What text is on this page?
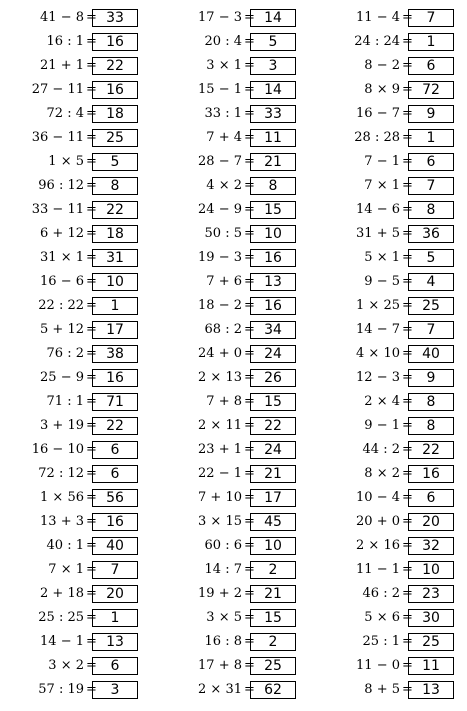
41 − 8 = 33
16 : 1 = 16
21 + 1 = 22
27 − 11 = 16
72 : 4 = 18
36 − 11 = 25
1 × 5 = 5
96 : 12 = 8
33 − 11 = 22
6 + 12 = 18
31 × 1 = 31
16 − 6 = 10
22 : 22 = 1
5 + 12 = 17
76 : 2 = 38
25 − 9 = 16
71 : 1 = 71
3 + 19 = 22
16 − 10 = 6
72 : 12 = 6
1 × 56 = 56
13 + 3 = 16
40 : 1 = 40
7 × 1 = 7
2 + 18 = 20
25 : 25 = 1
14 − 1 = 13
3 × 2 = 6
57 : 19 = 3
17 − 3 = 14
20 : 4 = 5
3 × 1 = 3
15 − 1 = 14
33 : 1 = 33
7 + 4 = 11
28 − 7 = 21
4 × 2 = 8
24 − 9 = 15
50 : 5 = 10
19 − 3 = 16
7 + 6 = 13
18 − 2 = 16
68 : 2 = 34
24 + 0 = 24
2 × 13 = 26
7 + 8 = 15
2 × 11 = 22
23 + 1 = 24
22 − 1 = 21
7 + 10 = 17
3 × 15 = 45
60 : 6 = 10
14 : 7 = 2
19 + 2 = 21
3 × 5 = 15
16 : 8 = 2
17 + 8 = 25
2 × 31 = 62
11 − 4 = 7
24 : 24 = 1
8 − 2 = 6
8 × 9 = 72
16 − 7 = 9
28 : 28 = 1
7 − 1 = 6
7 × 1 = 7
14 − 6 = 8
31 + 5 = 36
5 × 1 = 5
9 − 5 = 4
1 × 25 = 25
14 − 7 = 7
4 × 10 = 40
12 − 3 = 9
2 × 4 = 8
9 − 1 = 8
44 : 2 = 22
8 × 2 = 16
10 − 4 = 6
20 + 0 = 20
2 × 16 = 32
11 − 1 = 10
46 : 2 = 23
5 × 6 = 30
25 : 1 = 25
11 − 0 = 11
8 + 5 = 13
